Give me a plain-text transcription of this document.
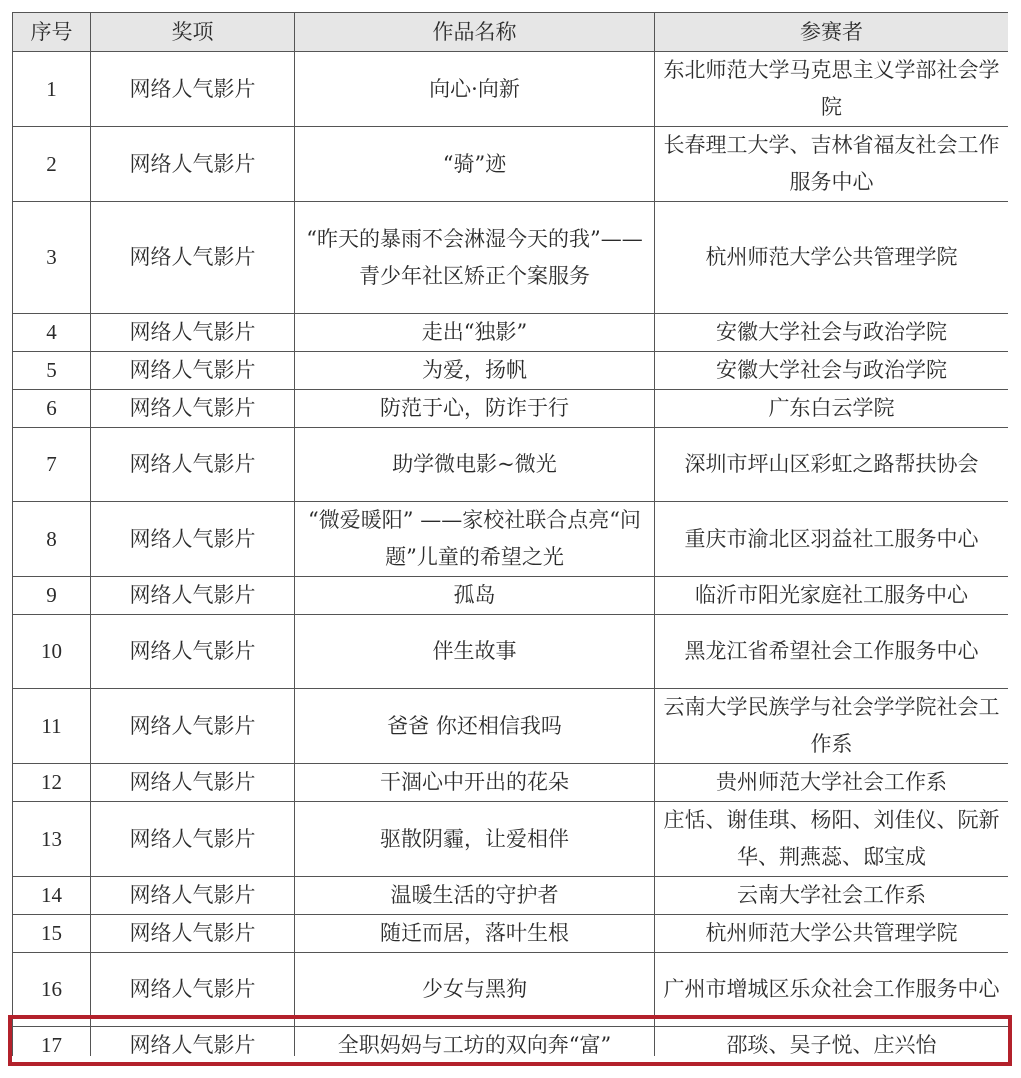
序号	奖项	作品名称	参赛者
1	网络人气影片	向心·向新	东北师范大学马克思主义学部社会学院
2	网络人气影片	“骑”迹	长春理工大学、吉林省福友社会工作服务中心
3	网络人气影片	“昨天的暴雨不会淋湿今天的我”——青少年社区矫正个案服务	杭州师范大学公共管理学院
4	网络人气影片	走出“独影”	安徽大学社会与政治学院
5	网络人气影片	为爱，扬帆	安徽大学社会与政治学院
6	网络人气影片	防范于心，防诈于行	广东白云学院
7	网络人气影片	助学微电影~微光	深圳市坪山区彩虹之路帮扶协会
8	网络人气影片	“微爱暖阳” ——家校社联合点亮“问题”儿童的希望之光	重庆市渝北区羽益社工服务中心
9	网络人气影片	孤岛	临沂市阳光家庭社工服务中心
10	网络人气影片	伴生故事	黑龙江省希望社会工作服务中心
11	网络人气影片	爸爸 你还相信我吗	云南大学民族学与社会学学院社会工作系
12	网络人气影片	干涸心中开出的花朵	贵州师范大学社会工作系
13	网络人气影片	驱散阴霾，让爱相伴	庄恬、谢佳琪、杨阳、刘佳仪、阮新华、荆燕蕊、邸宝成
14	网络人气影片	温暖生活的守护者	云南大学社会工作系
15	网络人气影片	随迁而居，落叶生根	杭州师范大学公共管理学院
16	网络人气影片	少女与黑狗	广州市增城区乐众社会工作服务中心
17	网络人气影片	全职妈妈与工坊的双向奔“富”	邵琰、吴子悦、庄兴怡
